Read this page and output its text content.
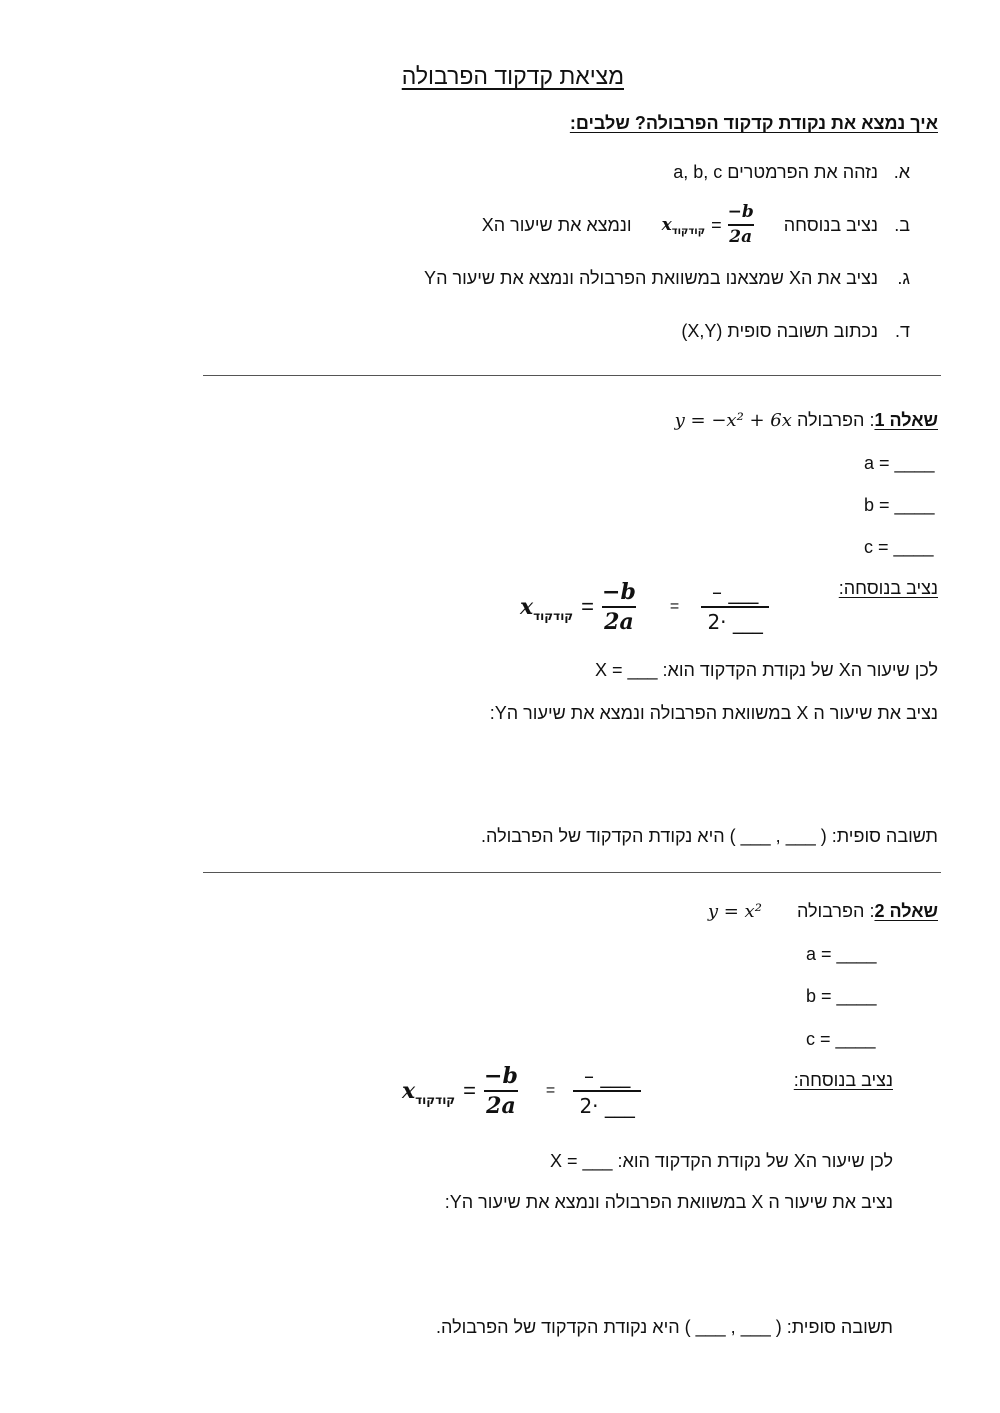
מציאת קדקוד הפרבולה
איך נמצא את נקודת קדקוד הפרבולה? שלבים:
א.נזהה את הפרמטרים a, b, c
ב.
נציב בנוסחה
x קודקוד = $\frac{-b}{2a}$
ונמצא את שיעור הX
ג.נציב את הX שמצאנו במשוואת הפרבולה ונמצא את שיעור הY
ד.נכתוב תשובה סופית (X,Y)
שאלה 1: הפרבולה y = −x² + 6x
a = ____
b = ____
c = ____
נציב בנוסחה:
x קודקוד = $\frac{-b}{2a} = \frac{- \_\_\_}{2\cdot \_\_\_}$
לכן שיעור הX של נקודת הקדקוד הוא: ___ = X
נציב את שיעור ה X במשוואת הפרבולה ונמצא את שיעור הY:
תשובה סופית: ( ___ , ___ ) היא נקודת הקדקוד של הפרבולה.
שאלה 2: הפרבולה y = x²
a = ____
b = ____
c = ____
נציב בנוסחה:
x קודקוד = $\frac{-b}{2a} = \frac{- \_\_\_}{2\cdot \_\_\_}$
לכן שיעור הX של נקודת הקדקוד הוא: ___ = X
נציב את שיעור ה X במשוואת הפרבולה ונמצא את שיעור הY:
תשובה סופית: ( ___ , ___ ) היא נקודת הקדקוד של הפרבולה.
